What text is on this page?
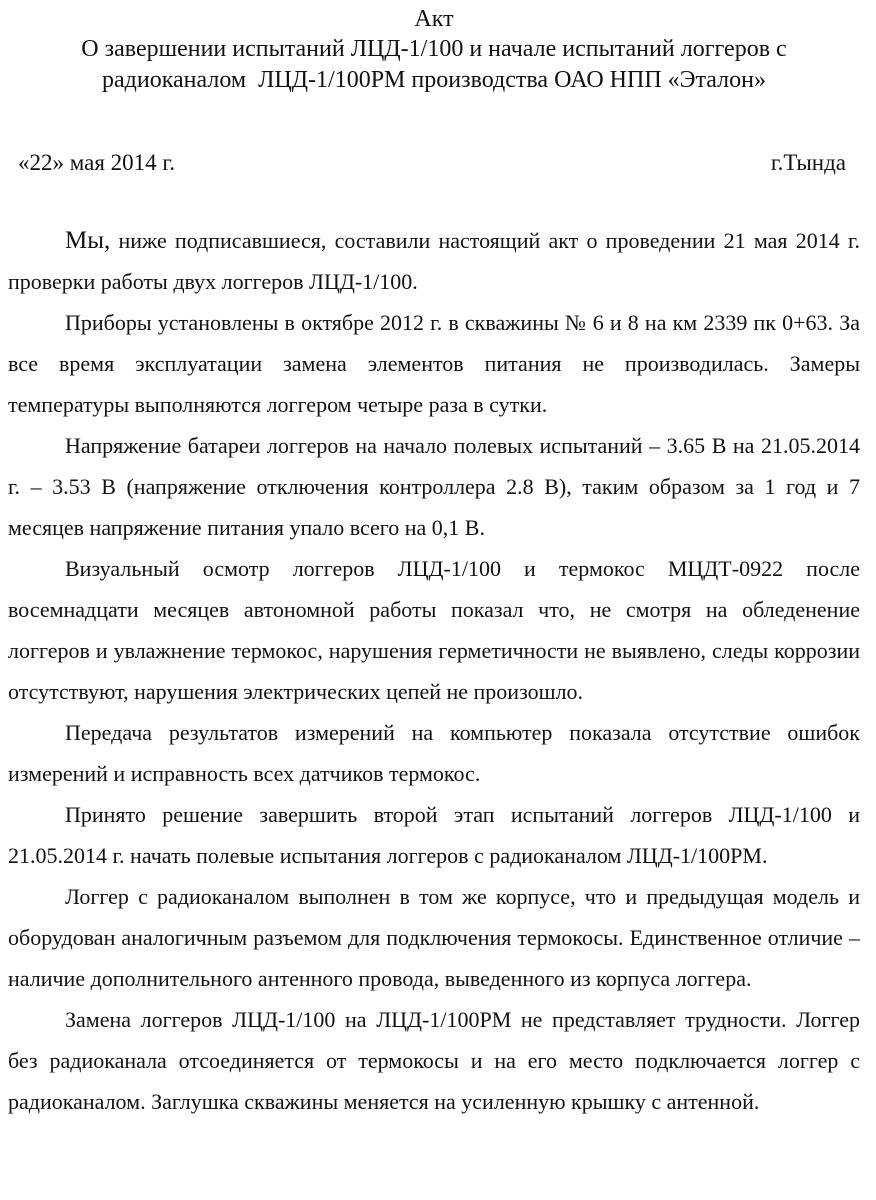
Акт
О завершении испытаний ЛЦД-1/100 и начале испытаний логгеров с
радиоканалом  ЛЦД-1/100РМ производства ОАО НПП «Эталон»
«22» мая 2014 г.	г.Тында

Мы, ниже подписавшиеся, составили настоящий акт о проведении 21 мая 2014 г. проверки работы двух логгеров ЛЦД-1/100.

Приборы установлены в октябре 2012 г. в скважины № 6 и 8 на км 2339 пк 0+63. За все время эксплуатации замена элементов питания не производилась. Замеры температуры выполняются логгером четыре раза в сутки.

Напряжение батареи логгеров на начало полевых испытаний – 3.65 В на 21.05.2014 г. – 3.53 В (напряжение отключения контроллера 2.8 В), таким образом за 1 год и 7 месяцев напряжение питания упало всего на 0,1 В.

Визуальный осмотр логгеров ЛЦД-1/100 и термокос МЦДТ-0922 после восемнадцати месяцев автономной работы показал что, не смотря на обледенение логгеров и увлажнение термокос, нарушения герметичности не выявлено, следы коррозии отсутствуют, нарушения электрических цепей не произошло.

Передача результатов измерений на компьютер показала отсутствие ошибок измерений и исправность всех датчиков термокос.

Принято решение завершить второй этап испытаний логгеров ЛЦД-1/100 и 21.05.2014 г. начать полевые испытания логгеров с радиоканалом ЛЦД-1/100РМ.

Логгер с радиоканалом выполнен в том же корпусе, что и предыдущая модель и оборудован аналогичным разъемом для подключения термокосы. Единственное отличие – наличие дополнительного антенного провода, выведенного из корпуса логгера.

Замена логгеров ЛЦД-1/100 на ЛЦД-1/100РМ не представляет трудности. Логгер без радиоканала отсоединяется от термокосы и на его место подключается логгер с радиоканалом. Заглушка скважины меняется на усиленную крышку с антенной.
